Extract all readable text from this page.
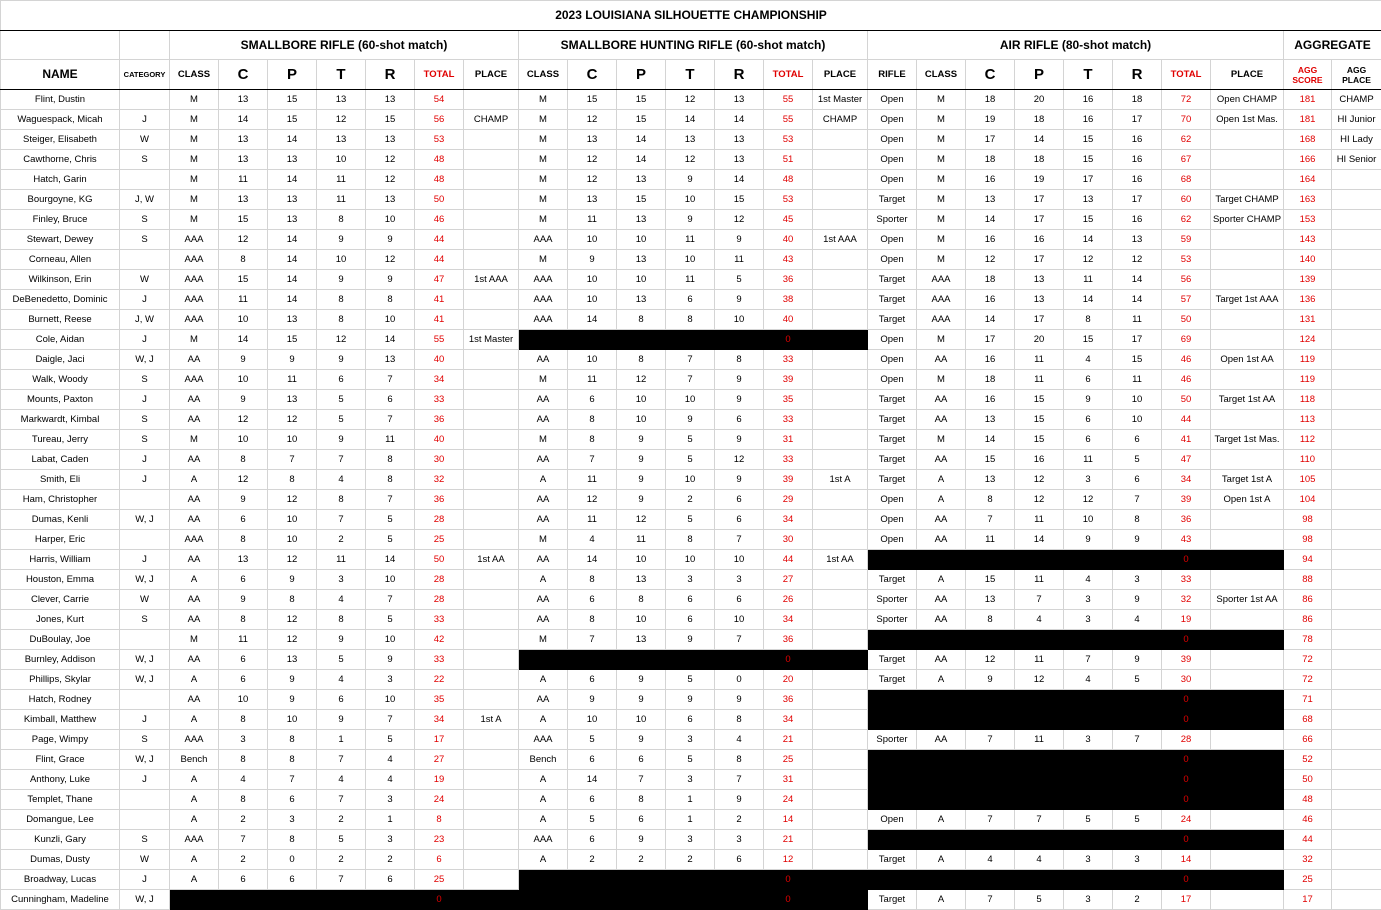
2023 LOUISIANA SILHOUETTE CHAMPIONSHIP																									
		SMALLBORE RIFLE (60-shot match)							SMALLBORE HUNTING RIFLE (60-shot match)							AIR RIFLE (80-shot match)								AGGREGATE	
NAME	CATEGORY	CLASS	C	P	T	R	TOTAL	PLACE	CLASS	C	P	T	R	TOTAL	PLACE	RIFLE	CLASS	C	P	T	R	TOTAL	PLACE	AGG SCORE	AGG PLACE
Flint, Dustin		M	13	15	13	13	54		M	15	15	12	13	55	1st Master	Open	M	18	20	16	18	72	Open CHAMP	181	CHAMP
Waguespack, Micah	J	M	14	15	12	15	56	CHAMP	M	12	15	14	14	55	CHAMP	Open	M	19	18	16	17	70	Open 1st Mas.	181	HI Junior
Steiger, Elisabeth	W	M	13	14	13	13	53		M	13	14	13	13	53		Open	M	17	14	15	16	62		168	HI Lady
Cawthorne, Chris	S	M	13	13	10	12	48		M	12	14	12	13	51		Open	M	18	18	15	16	67		166	HI Senior
Hatch, Garin		M	11	14	11	12	48		M	12	13	9	14	48		Open	M	16	19	17	16	68		164	
Bourgoyne, KG	J, W	M	13	13	11	13	50		M	13	15	10	15	53		Target	M	13	17	13	17	60	Target CHAMP	163	
Finley, Bruce	S	M	15	13	8	10	46		M	11	13	9	12	45		Sporter	M	14	17	15	16	62	Sporter CHAMP	153	
Stewart, Dewey	S	AAA	12	14	9	9	44		AAA	10	10	11	9	40	1st AAA	Open	M	16	16	14	13	59		143	
Corneau, Allen		AAA	8	14	10	12	44		M	9	13	10	11	43		Open	M	12	17	12	12	53		140	
Wilkinson, Erin	W	AAA	15	14	9	9	47	1st AAA	AAA	10	10	11	5	36		Target	AAA	18	13	11	14	56		139	
DeBenedetto, Dominic	J	AAA	11	14	8	8	41		AAA	10	13	6	9	38		Target	AAA	16	13	14	14	57	Target 1st AAA	136	
Burnett, Reese	J, W	AAA	10	13	8	10	41		AAA	14	8	8	10	40		Target	AAA	14	17	8	11	50		131	
Cole, Aidan	J	M	14	15	12	14	55	1st Master						0		Open	M	17	20	15	17	69		124	
Daigle, Jaci	W, J	AA	9	9	9	13	40		AA	10	8	7	8	33		Open	AA	16	11	4	15	46	Open 1st AA	119	
Walk, Woody	S	AAA	10	11	6	7	34		M	11	12	7	9	39		Open	M	18	11	6	11	46		119	
Mounts, Paxton	J	AA	9	13	5	6	33		AA	6	10	10	9	35		Target	AA	16	15	9	10	50	Target 1st AA	118	
Markwardt, Kimbal	S	AA	12	12	5	7	36		AA	8	10	9	6	33		Target	AA	13	15	6	10	44		113	
Tureau, Jerry	S	M	10	10	9	11	40		M	8	9	5	9	31		Target	M	14	15	6	6	41	Target 1st Mas.	112	
Labat, Caden	J	AA	8	7	7	8	30		AA	7	9	5	12	33		Target	AA	15	16	11	5	47		110	
Smith, Eli	J	A	12	8	4	8	32		A	11	9	10	9	39	1st A	Target	A	13	12	3	6	34	Target 1st A	105	
Ham, Christopher		AA	9	12	8	7	36		AA	12	9	2	6	29		Open	A	8	12	12	7	39	Open 1st A	104	
Dumas, Kenli	W, J	AA	6	10	7	5	28		AA	11	12	5	6	34		Open	AA	7	11	10	8	36		98	
Harper, Eric		AAA	8	10	2	5	25		M	4	11	8	7	30		Open	AA	11	14	9	9	43		98	
Harris, William	J	AA	13	12	11	14	50	1st AA	AA	14	10	10	10	44	1st AA							0		94	
Houston, Emma	W, J	A	6	9	3	10	28		A	8	13	3	3	27		Target	A	15	11	4	3	33		88	
Clever, Carrie	W	AA	9	8	4	7	28		AA	6	8	6	6	26		Sporter	AA	13	7	3	9	32	Sporter 1st AA	86	
Jones, Kurt	S	AA	8	12	8	5	33		AA	8	10	6	10	34		Sporter	AA	8	4	3	4	19		86	
DuBoulay, Joe		M	11	12	9	10	42		M	7	13	9	7	36								0		78	
Burnley, Addison	W, J	AA	6	13	5	9	33							0		Target	AA	12	11	7	9	39		72	
Phillips, Skylar	W, J	A	6	9	4	3	22		A	6	9	5	0	20		Target	A	9	12	4	5	30		72	
Hatch, Rodney		AA	10	9	6	10	35		AA	9	9	9	9	36								0		71	
Kimball, Matthew	J	A	8	10	9	7	34	1st A	A	10	10	6	8	34								0		68	
Page, Wimpy	S	AAA	3	8	1	5	17		AAA	5	9	3	4	21		Sporter	AA	7	11	3	7	28		66	
Flint, Grace	W, J	Bench	8	8	7	4	27		Bench	6	6	5	8	25								0		52	
Anthony, Luke	J	A	4	7	4	4	19		A	14	7	3	7	31								0		50	
Templet, Thane		A	8	6	7	3	24		A	6	8	1	9	24								0		48	
Domangue, Lee		A	2	3	2	1	8		A	5	6	1	2	14		Open	A	7	7	5	5	24		46	
Kunzli, Gary	S	AAA	7	8	5	3	23		AAA	6	9	3	3	21								0		44	
Dumas, Dusty	W	A	2	0	2	2	6		A	2	2	2	6	12		Target	A	4	4	3	3	14		32	
Broadway, Lucas	J	A	6	6	7	6	25							0								0		25	
Cunningham, Madeline	W, J						0							0		Target	A	7	5	3	2	17		17	
